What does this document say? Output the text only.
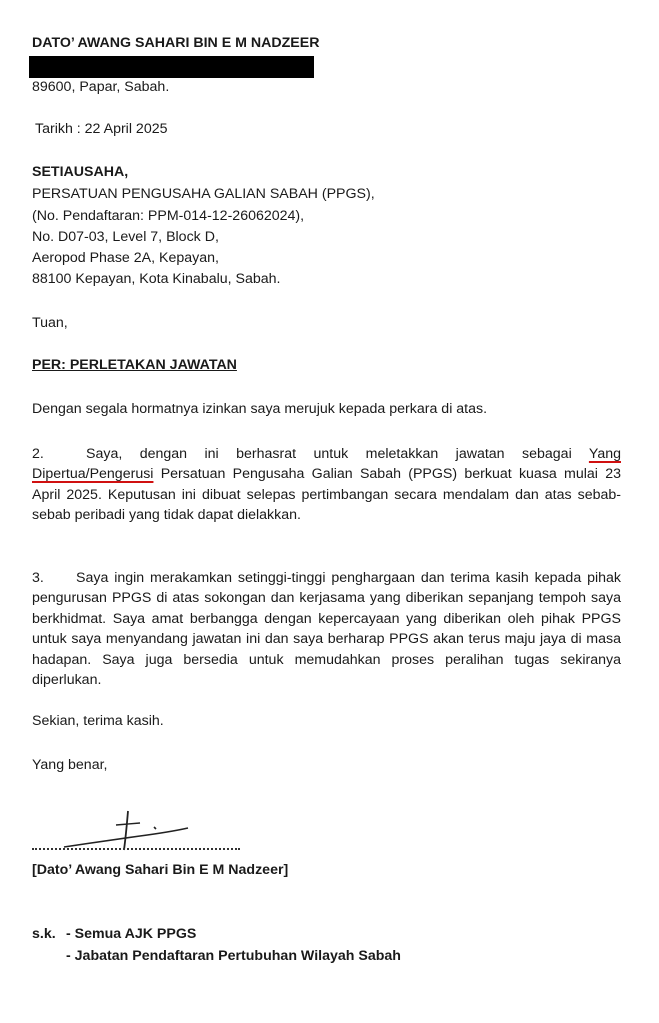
DATO’ AWANG SAHARI BIN E M NADZEER
89600, Papar, Sabah.
Tarikh : 22 April 2025
SETIAUSAHA,
PERSATUAN PENGUSAHA GALIAN SABAH (PPGS),
(No. Pendaftaran: PPM-014-12-26062024),
No. D07-03, Level 7, Block D,
Aeropod Phase 2A, Kepayan,
88100 Kepayan, Kota Kinabalu, Sabah.
Tuan,
PER: PERLETAKAN JAWATAN
Dengan segala hormatnya izinkan saya merujuk kepada perkara di atas.

2.	Saya, dengan ini berhasrat untuk meletakkan jawatan sebagai Yang Dipertua/Pengerusi Persatuan Pengusaha Galian Sabah (PPGS) berkuat kuasa mulai 23 April 2025. Keputusan ini dibuat selepas pertimbangan secara mendalam dan atas sebab-sebab peribadi yang tidak dapat dielakkan.

3. Saya ingin merakamkan setinggi-tinggi penghargaan dan terima kasih kepada pihak pengurusan PPGS di atas sokongan dan kerjasama yang diberikan sepanjang tempoh saya berkhidmat. Saya amat berbangga dengan kepercayaan yang diberikan oleh pihak PPGS untuk saya menyandang jawatan ini dan saya berharap PPGS akan terus maju jaya di masa hadapan. Saya juga bersedia untuk memudahkan proses peralihan tugas sekiranya diperlukan.

Sekian, terima kasih.
Yang benar,
[Dato’ Awang Sahari Bin E M Nadzeer]
s.k. - Semua AJK PPGS
- Jabatan Pendaftaran Pertubuhan Wilayah Sabah
